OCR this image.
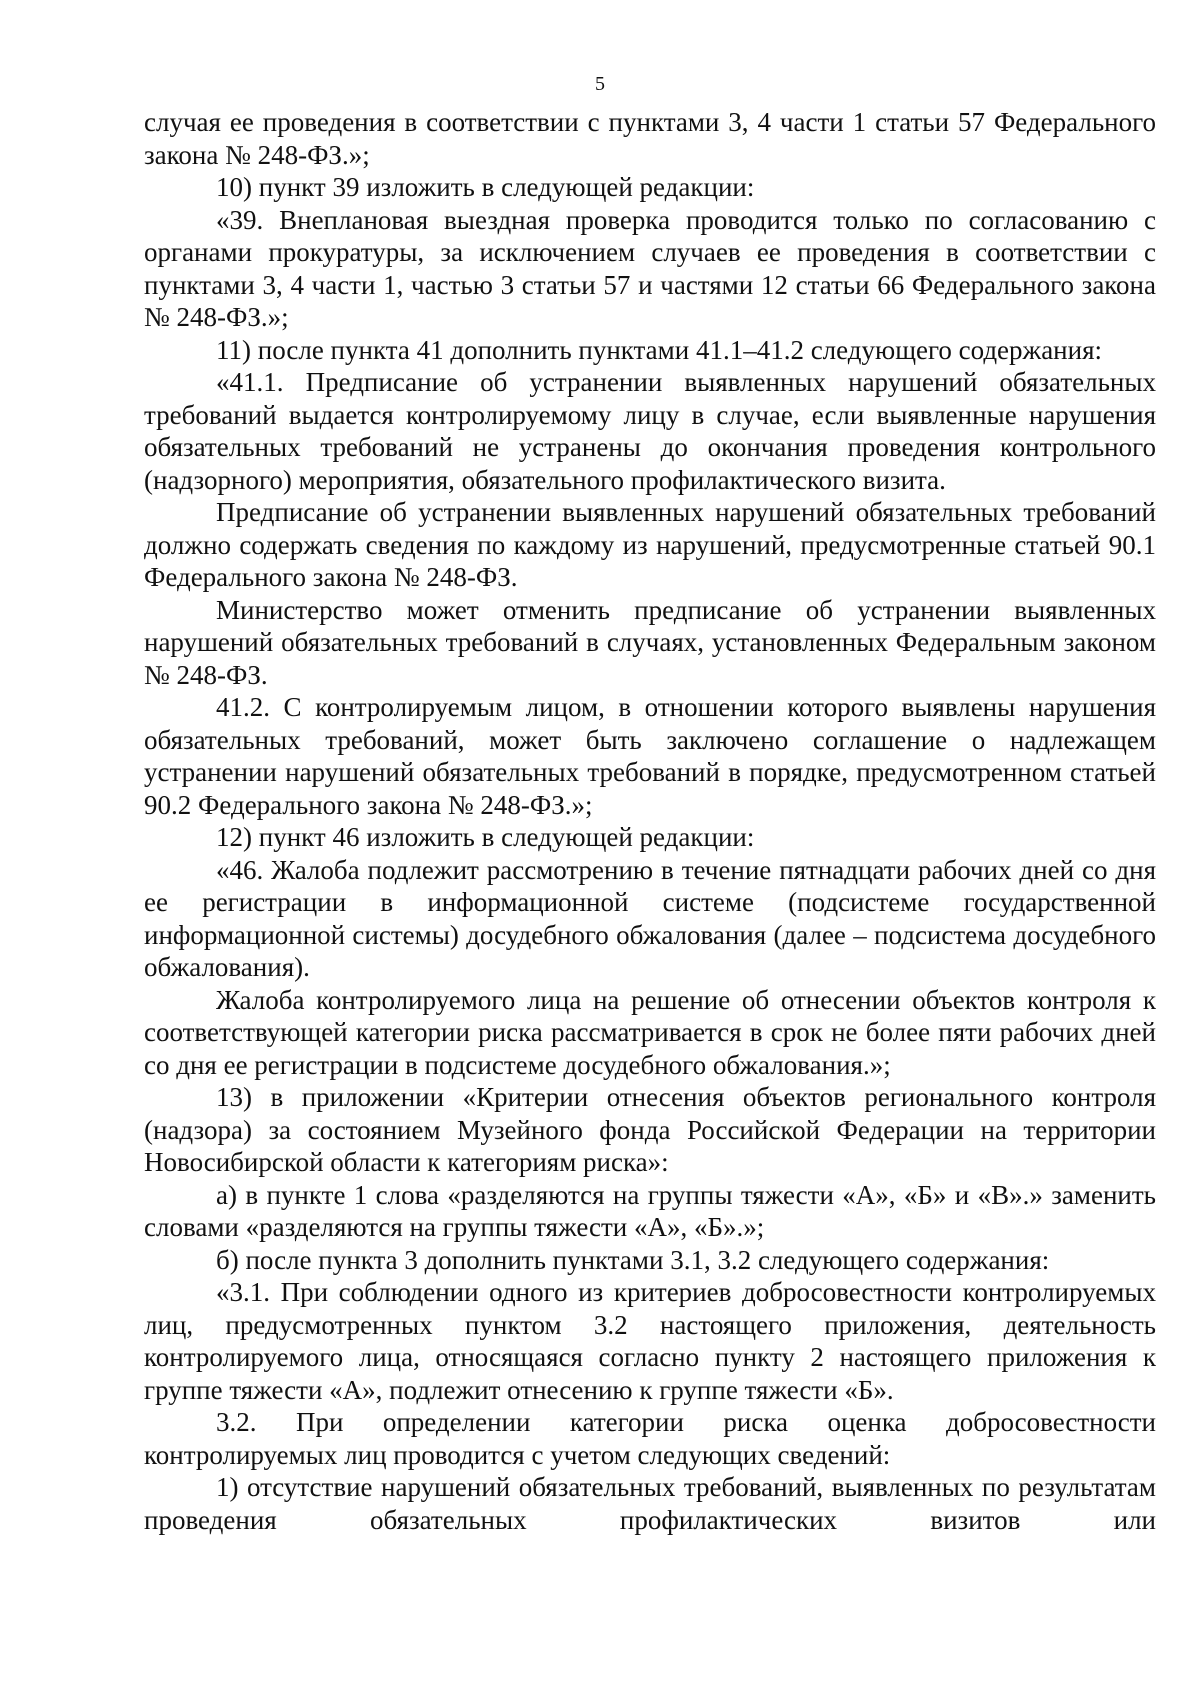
5

случая ее проведения в соответствии с пунктами 3, 4 части 1 статьи 57 Федерального закона № 248-ФЗ.»;

10) пункт 39 изложить в следующей редакции:

«39. Внеплановая выездная проверка проводится только по согласованию с органами прокуратуры, за исключением случаев ее проведения в соответствии с пунктами 3, 4 части 1, частью 3 статьи 57 и частями 12 статьи 66 Федерального закона № 248-ФЗ.»;

11) после пункта 41 дополнить пунктами 41.1–41.2 следующего содержания:

«41.1. Предписание об устранении выявленных нарушений обязательных требований выдается контролируемому лицу в случае, если выявленные нарушения обязательных требований не устранены до окончания проведения контрольного (надзорного) мероприятия, обязательного профилактического визита.

Предписание об устранении выявленных нарушений обязательных требований должно содержать сведения по каждому из нарушений, предусмотренные статьей 90.1 Федерального закона № 248-ФЗ.

Министерство может отменить предписание об устранении выявленных нарушений обязательных требований в случаях, установленных Федеральным законом № 248-ФЗ.

41.2. С контролируемым лицом, в отношении которого выявлены нарушения обязательных требований, может быть заключено соглашение о надлежащем устранении нарушений обязательных требований в порядке, предусмотренном статьей 90.2 Федерального закона № 248-ФЗ.»;

12) пункт 46 изложить в следующей редакции:

«46. Жалоба подлежит рассмотрению в течение пятнадцати рабочих дней со дня ее регистрации в информационной системе (подсистеме государственной информационной системы) досудебного обжалования (далее – подсистема досудебного обжалования).

Жалоба контролируемого лица на решение об отнесении объектов контроля к соответствующей категории риска рассматривается в срок не более пяти рабочих дней со дня ее регистрации в подсистеме досудебного обжалования.»;

13) в приложении «Критерии отнесения объектов регионального контроля (надзора) за состоянием Музейного фонда Российской Федерации на территории Новосибирской области к категориям риска»:

а) в пункте 1 слова «разделяются на группы тяжести «А», «Б» и «В».» заменить словами «разделяются на группы тяжести «А», «Б».»;

б) после пункта 3 дополнить пунктами 3.1, 3.2 следующего содержания:

«3.1. При соблюдении одного из критериев добросовестности контролируемых лиц, предусмотренных пунктом 3.2 настоящего приложения, деятельность контролируемого лица, относящаяся согласно пункту 2 настоящего приложения к группе тяжести «А», подлежит отнесению к группе тяжести «Б».

3.2. При определении категории риска оценка добросовестности контролируемых лиц проводится с учетом следующих сведений:

1) отсутствие нарушений обязательных требований, выявленных по результатам проведения обязательных профилактических визитов или
